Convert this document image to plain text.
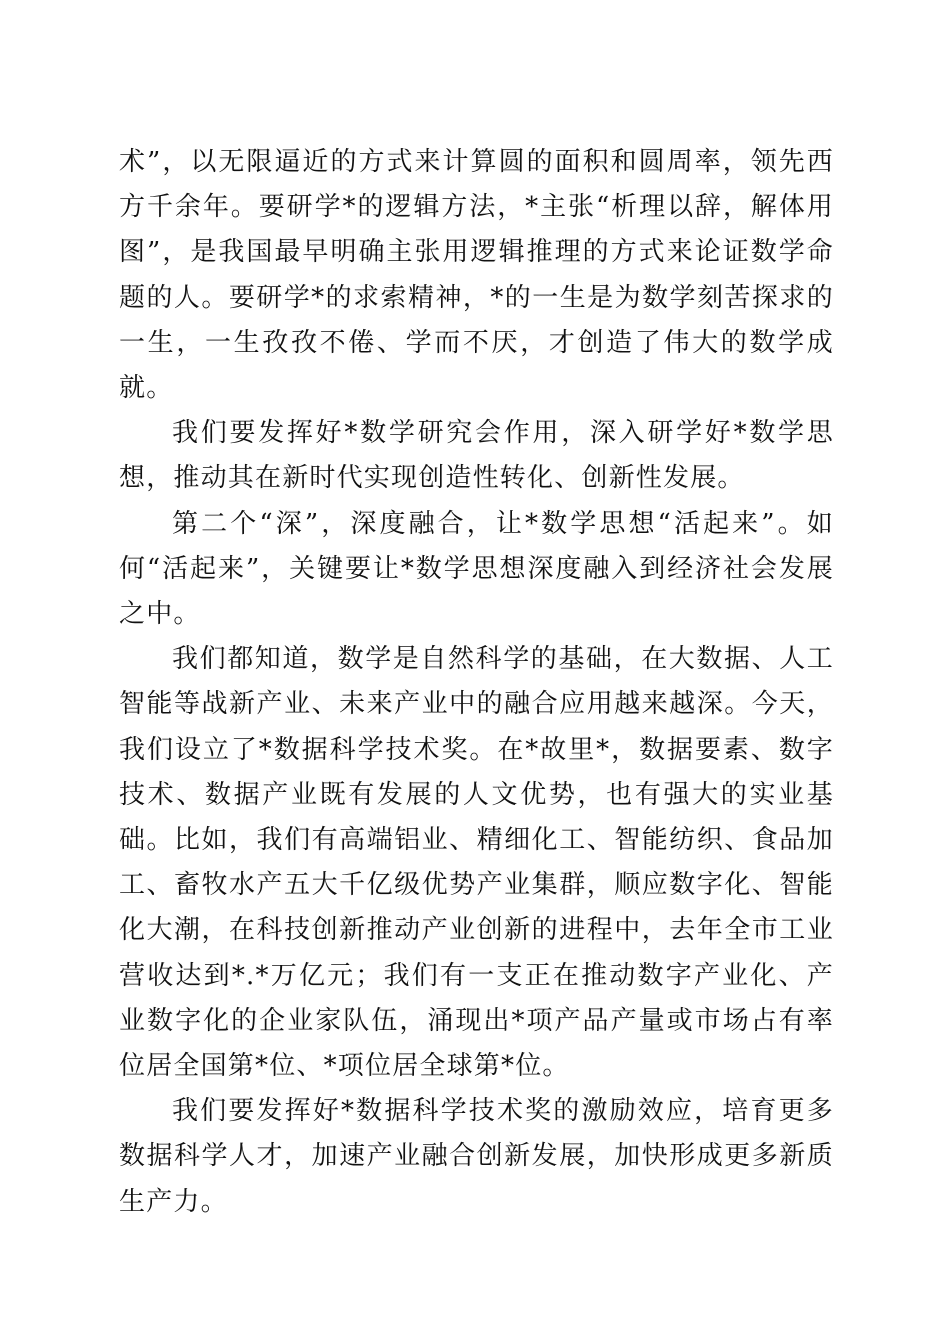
术”，以无限逼近的方式来计算圆的面积和圆周率，领先西方千余年。要研学*的逻辑方法，*主张“析理以辞，解体用图”，是我国最早明确主张用逻辑推理的方式来论证数学命题的人。要研学*的求索精神，*的一生是为数学刻苦探求的一生，一生孜孜不倦、学而不厌，才创造了伟大的数学成就。

我们要发挥好*数学研究会作用，深入研学好*数学思想，推动其在新时代实现创造性转化、创新性发展。

第二个“深”，深度融合，让*数学思想“活起来”。如何“活起来”，关键要让*数学思想深度融入到经济社会发展之中。

我们都知道，数学是自然科学的基础，在大数据、人工智能等战新产业、未来产业中的融合应用越来越深。今天，我们设立了*数据科学技术奖。在*故里*，数据要素、数字技术、数据产业既有发展的人文优势，也有强大的实业基础。比如，我们有高端铝业、精细化工、智能纺织、食品加工、畜牧水产五大千亿级优势产业集群，顺应数字化、智能化大潮，在科技创新推动产业创新的进程中，去年全市工业营收达到*.*万亿元；我们有一支正在推动数字产业化、产业数字化的企业家队伍，涌现出*项产品产量或市场占有率位居全国第*位、*项位居全球第*位。

我们要发挥好*数据科学技术奖的激励效应，培育更多数据科学人才，加速产业融合创新发展，加快形成更多新质生产力。
